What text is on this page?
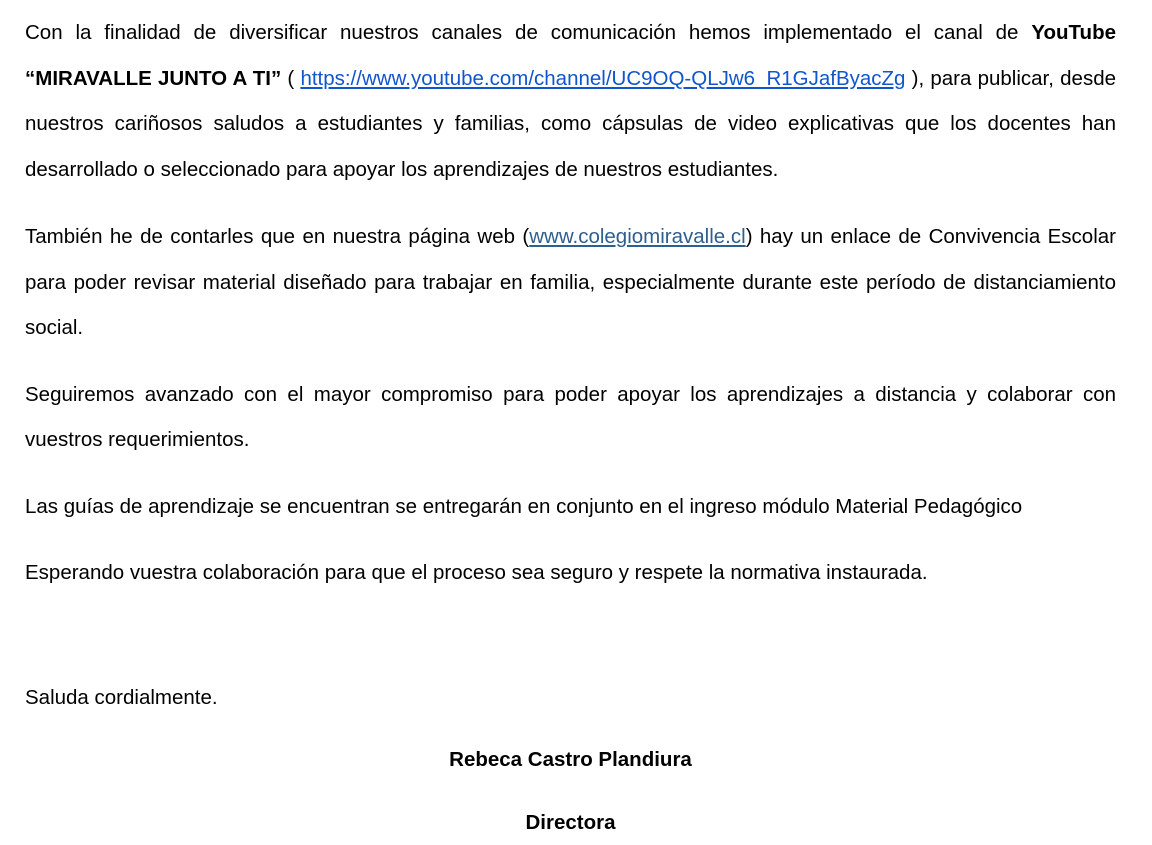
Con la finalidad de diversificar nuestros canales de comunicación hemos implementado el canal de YouTube “MIRAVALLE JUNTO A TI” ( https://www.youtube.com/channel/UC9OQ-QLJw6_R1GJafByacZg ), para publicar, desde nuestros cariñosos saludos a estudiantes y familias, como cápsulas de video explicativas que los docentes han desarrollado o seleccionado para apoyar los aprendizajes de nuestros estudiantes.

También he de contarles que en nuestra página web (www.colegiomiravalle.cl) hay un enlace de Convivencia Escolar para poder revisar material diseñado para trabajar en familia, especialmente durante este período de distanciamiento social.

Seguiremos avanzado con el mayor compromiso para poder apoyar los aprendizajes a distancia y colaborar con vuestros requerimientos.

Las guías de aprendizaje se encuentran se entregarán en conjunto en el ingreso módulo Material Pedagógico

Esperando vuestra colaboración para que el proceso sea seguro y respete la normativa instaurada.

Saluda cordialmente.

Rebeca Castro Plandiura

Directora
